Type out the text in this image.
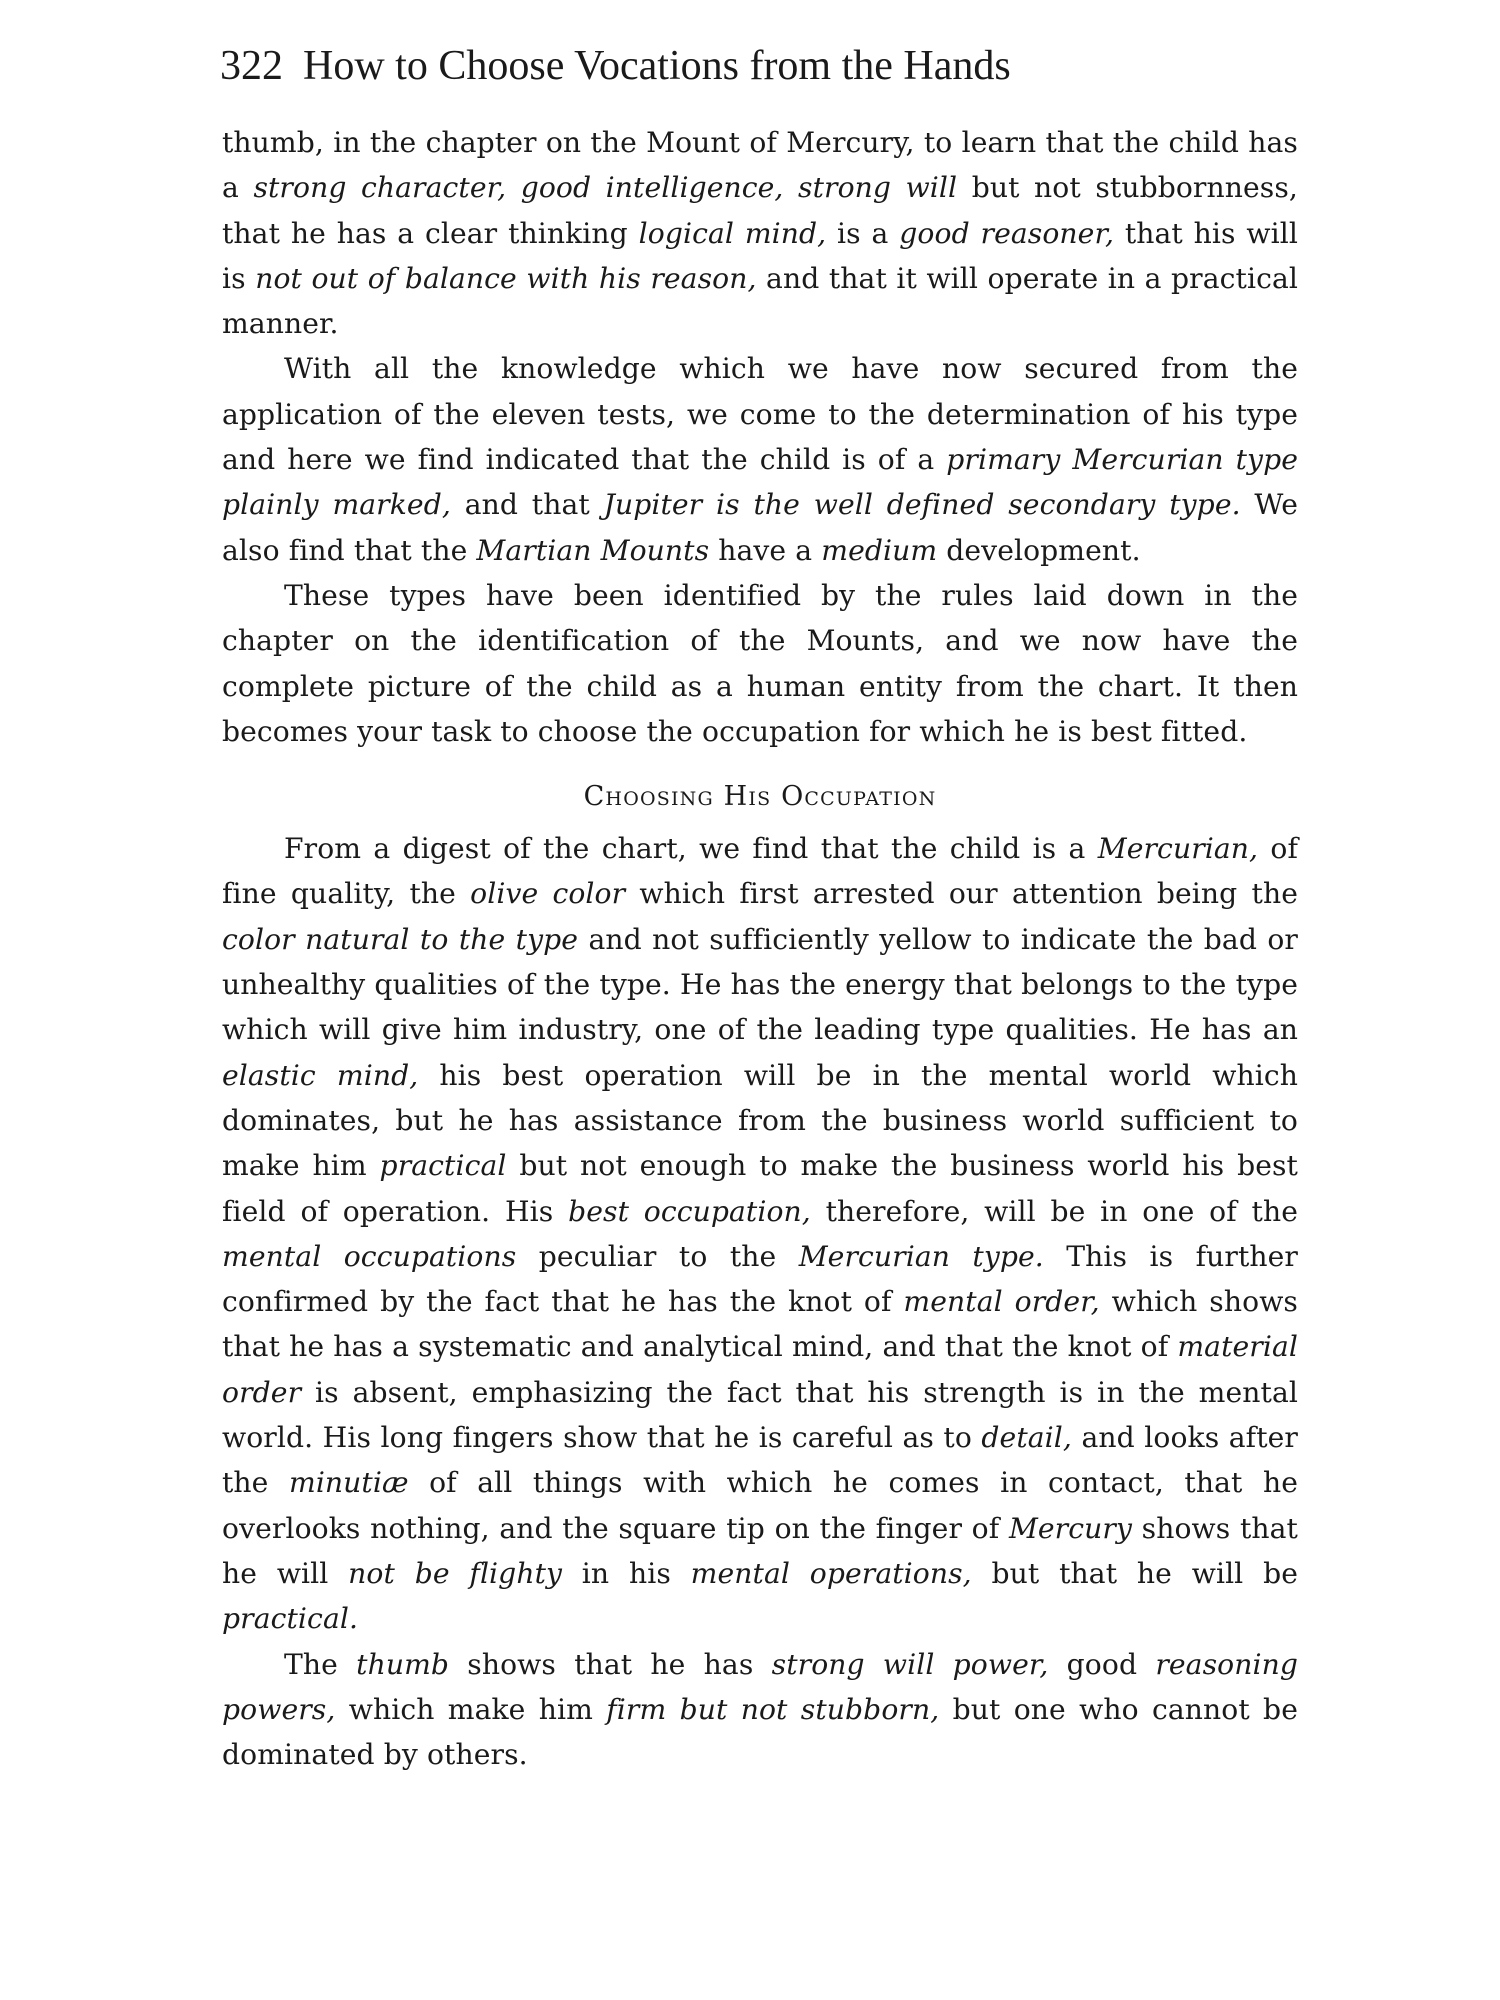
322 How to Choose Vocations from the Hands

thumb, in the chapter on the Mount of Mercury, to learn that the child has a strong character, good intelligence, strong will but not stubbornness, that he has a clear thinking logical mind, is a good reasoner, that his will is not out of balance with his reason, and that it will operate in a practical manner.

With all the knowledge which we have now secured from the application of the eleven tests, we come to the determination of his type and here we find indicated that the child is of a primary Mercurian type plainly marked, and that Jupiter is the well defined secondary type. We also find that the Martian Mounts have a medium development.

These types have been identified by the rules laid down in the chapter on the identification of the Mounts, and we now have the complete picture of the child as a human entity from the chart. It then becomes your task to choose the occupation for which he is best fitted.

Choosing His Occupation

From a digest of the chart, we find that the child is a Mercurian, of fine quality, the olive color which first arrested our attention being the color natural to the type and not sufficiently yellow to indicate the bad or unhealthy qualities of the type. He has the energy that belongs to the type which will give him industry, one of the leading type qualities. He has an elastic mind, his best operation will be in the mental world which dominates, but he has assistance from the business world sufficient to make him practical but not enough to make the business world his best field of operation. His best occupation, therefore, will be in one of the mental occupations peculiar to the Mercurian type. This is further confirmed by the fact that he has the knot of mental order, which shows that he has a systematic and analytical mind, and that the knot of material order is absent, emphasizing the fact that his strength is in the mental world. His long fingers show that he is careful as to detail, and looks after the minutiæ of all things with which he comes in contact, that he overlooks nothing, and the square tip on the finger of Mercury shows that he will not be flighty in his mental operations, but that he will be practical.

The thumb shows that he has strong will power, good reasoning powers, which make him firm but not stubborn, but one who cannot be dominated by others.
